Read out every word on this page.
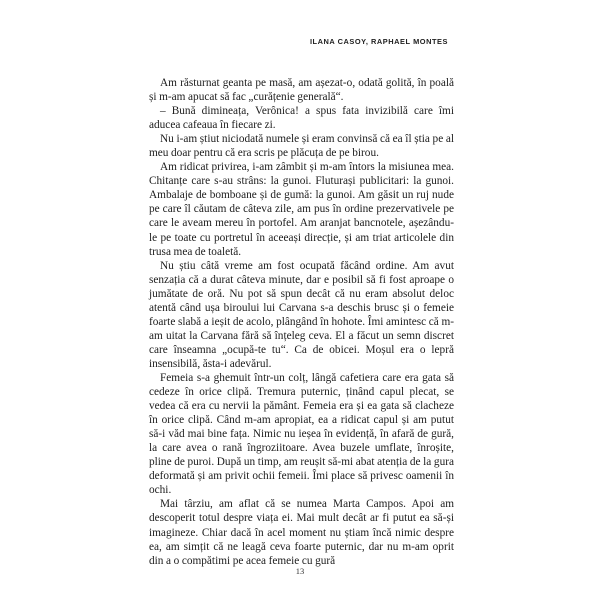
ILANA CASOY, RAPHAEL MONTES

Am răsturnat geanta pe masă, am așezat-o, odată golită, în poală și m-am apucat să fac „curățenie generală“.

– Bună dimineața, Verônica! a spus fata invizibilă care îmi aducea cafeaua în fiecare zi.

Nu i-am știut niciodată numele și eram convinsă că ea îl știa pe al meu doar pentru că era scris pe plăcuța de pe birou.

Am ridicat privirea, i-am zâmbit și m-am întors la misiunea mea. Chitanțe care s-au strâns: la gunoi. Fluturași publicitari: la gunoi. Ambalaje de bomboane și de gumă: la gunoi. Am găsit un ruj nude pe care îl căutam de câteva zile, am pus în ordine prezervativele pe care le aveam mereu în portofel. Am aranjat bancnotele, așezându-le pe toate cu portretul în aceeași direcție, și am triat articolele din trusa mea de toaletă.

Nu știu câtă vreme am fost ocupată făcând ordine. Am avut senzația că a durat câteva minute, dar e posibil să fi fost aproape o jumătate de oră. Nu pot să spun decât că nu eram absolut deloc atentă când ușa biroului lui Carvana s-a deschis brusc și o femeie foarte slabă a ieșit de acolo, plângând în hohote. Îmi amintesc că m-am uitat la Carvana fără să înțeleg ceva. El a făcut un semn discret care înseamna „ocupă-te tu“. Ca de obicei. Moșul era o lepră insensibilă, ăsta-i adevărul.

Femeia s-a ghemuit într-un colț, lângă cafetiera care era gata să cedeze în orice clipă. Tremura puternic, ținând capul plecat, se vedea că era cu nervii la pământ. Femeia era și ea gata să clacheze în orice clipă. Când m-am apropiat, ea a ridicat capul și am putut să-i văd mai bine fața. Nimic nu ieșea în evidență, în afară de gură, la care avea o rană îngroziitoare. Avea buzele umflate, înroșite, pline de puroi. După un timp, am reușit să-mi abat atenția de la gura deformată și am privit ochii femeii. Îmi place să privesc oamenii în ochi.

Mai târziu, am aflat că se numea Marta Campos. Apoi am descoperit totul despre viața ei. Mai mult decât ar fi putut ea să-și imagineze. Chiar dacă în acel moment nu știam încă nimic despre ea, am simțit că ne leagă ceva foarte puternic, dar nu m-am oprit din a o compătimi pe acea femeie cu gură

13
